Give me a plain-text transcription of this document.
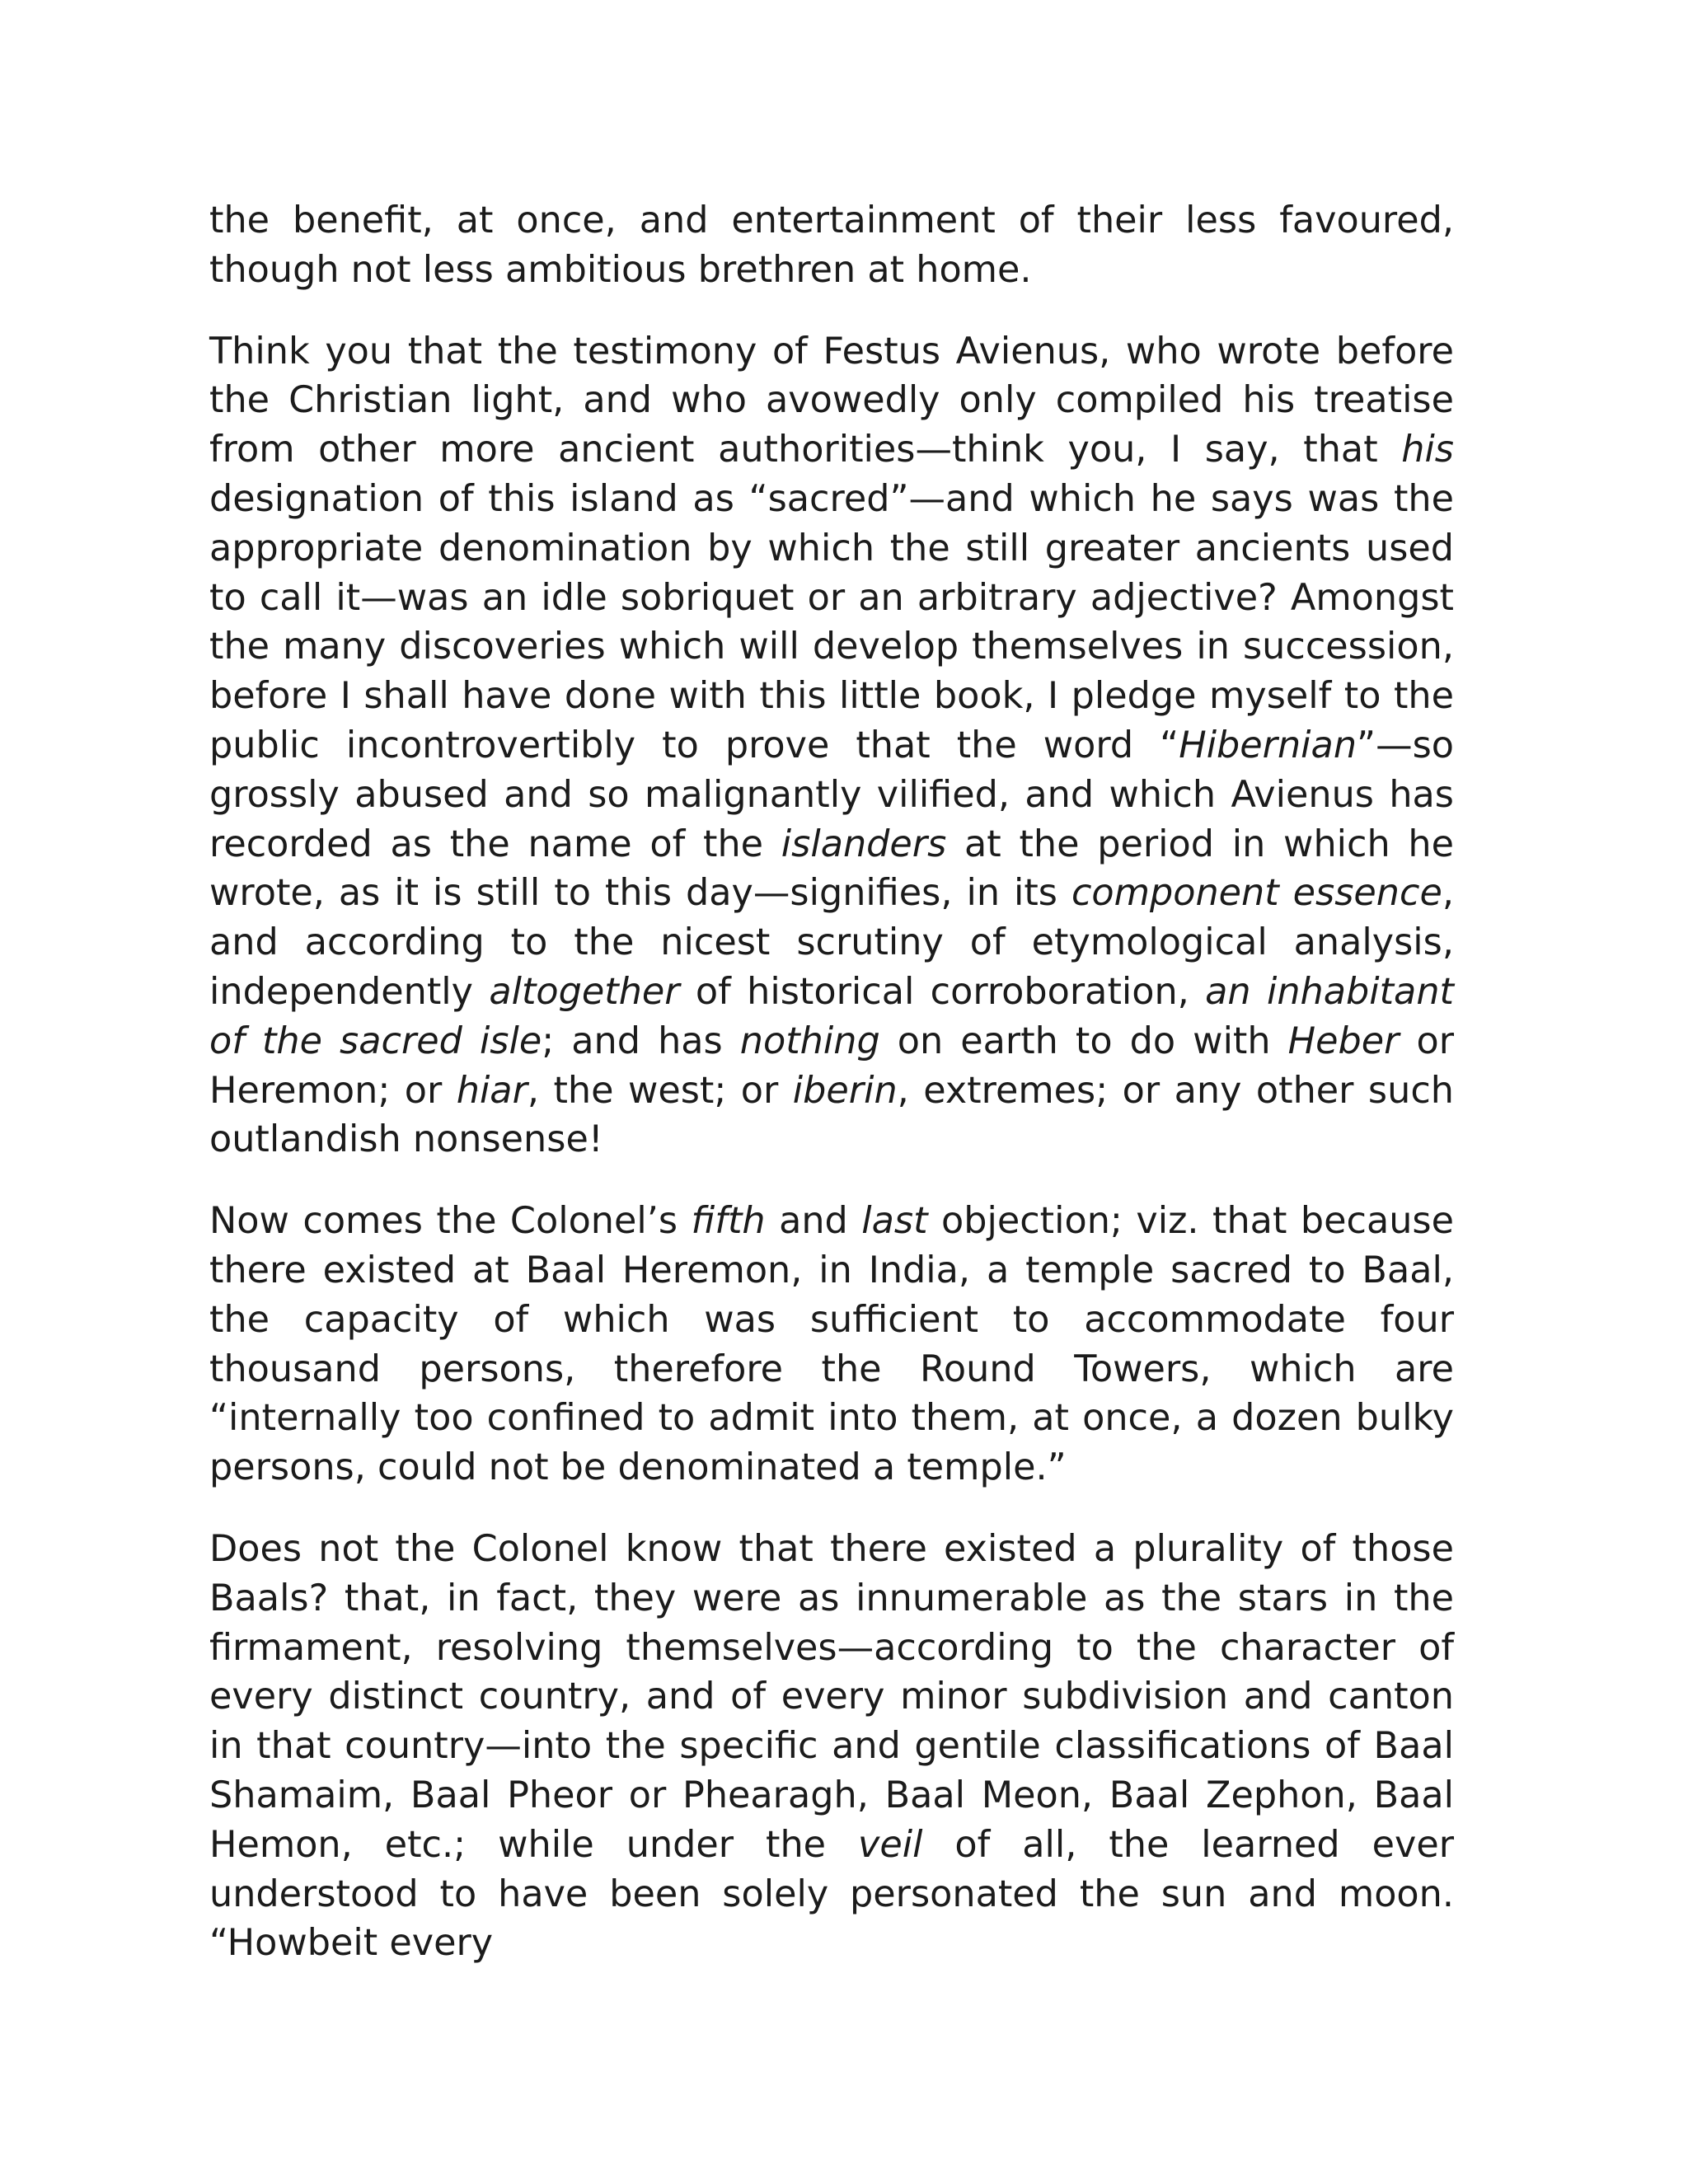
the benefit, at once, and entertainment of their less favoured, though not less ambitious brethren at home.

Think you that the testimony of Festus Avienus, who wrote before the Christian light, and who avowedly only compiled his treatise from other more ancient authorities—think you, I say, that his designation of this island as “sacred”—and which he says was the appropriate denomination by which the still greater ancients used to call it—was an idle sobriquet or an arbitrary adjective? Amongst the many discoveries which will develop themselves in succession, before I shall have done with this little book, I pledge myself to the public incontrovertibly to prove that the word “Hibernian”—so grossly abused and so malignantly vilified, and which Avienus has recorded as the name of the islanders at the period in which he wrote, as it is still to this day—signifies, in its component essence, and according to the nicest scrutiny of etymological analysis, independently altogether of historical corroboration, an inhabitant of the sacred isle; and has nothing on earth to do with Heber or Heremon; or hiar, the west; or iberin, extremes; or any other such outlandish nonsense!

Now comes the Colonel’s fifth and last objection; viz. that because there existed at Baal Heremon, in India, a temple sacred to Baal, the capacity of which was sufficient to accommodate four thousand persons, therefore the Round Towers, which are “internally too confined to admit into them, at once, a dozen bulky persons, could not be denominated a temple.”

Does not the Colonel know that there existed a plurality of those Baals? that, in fact, they were as innumerable as the stars in the firmament, resolving themselves—according to the character of every distinct country, and of every minor subdivision and canton in that country—into the specific and gentile classifications of Baal Shamaim, Baal Pheor or Phearagh, Baal Meon, Baal Zephon, Baal Hemon, etc.; while under the veil of all, the learned ever understood to have been solely personated the sun and moon. “Howbeit every
